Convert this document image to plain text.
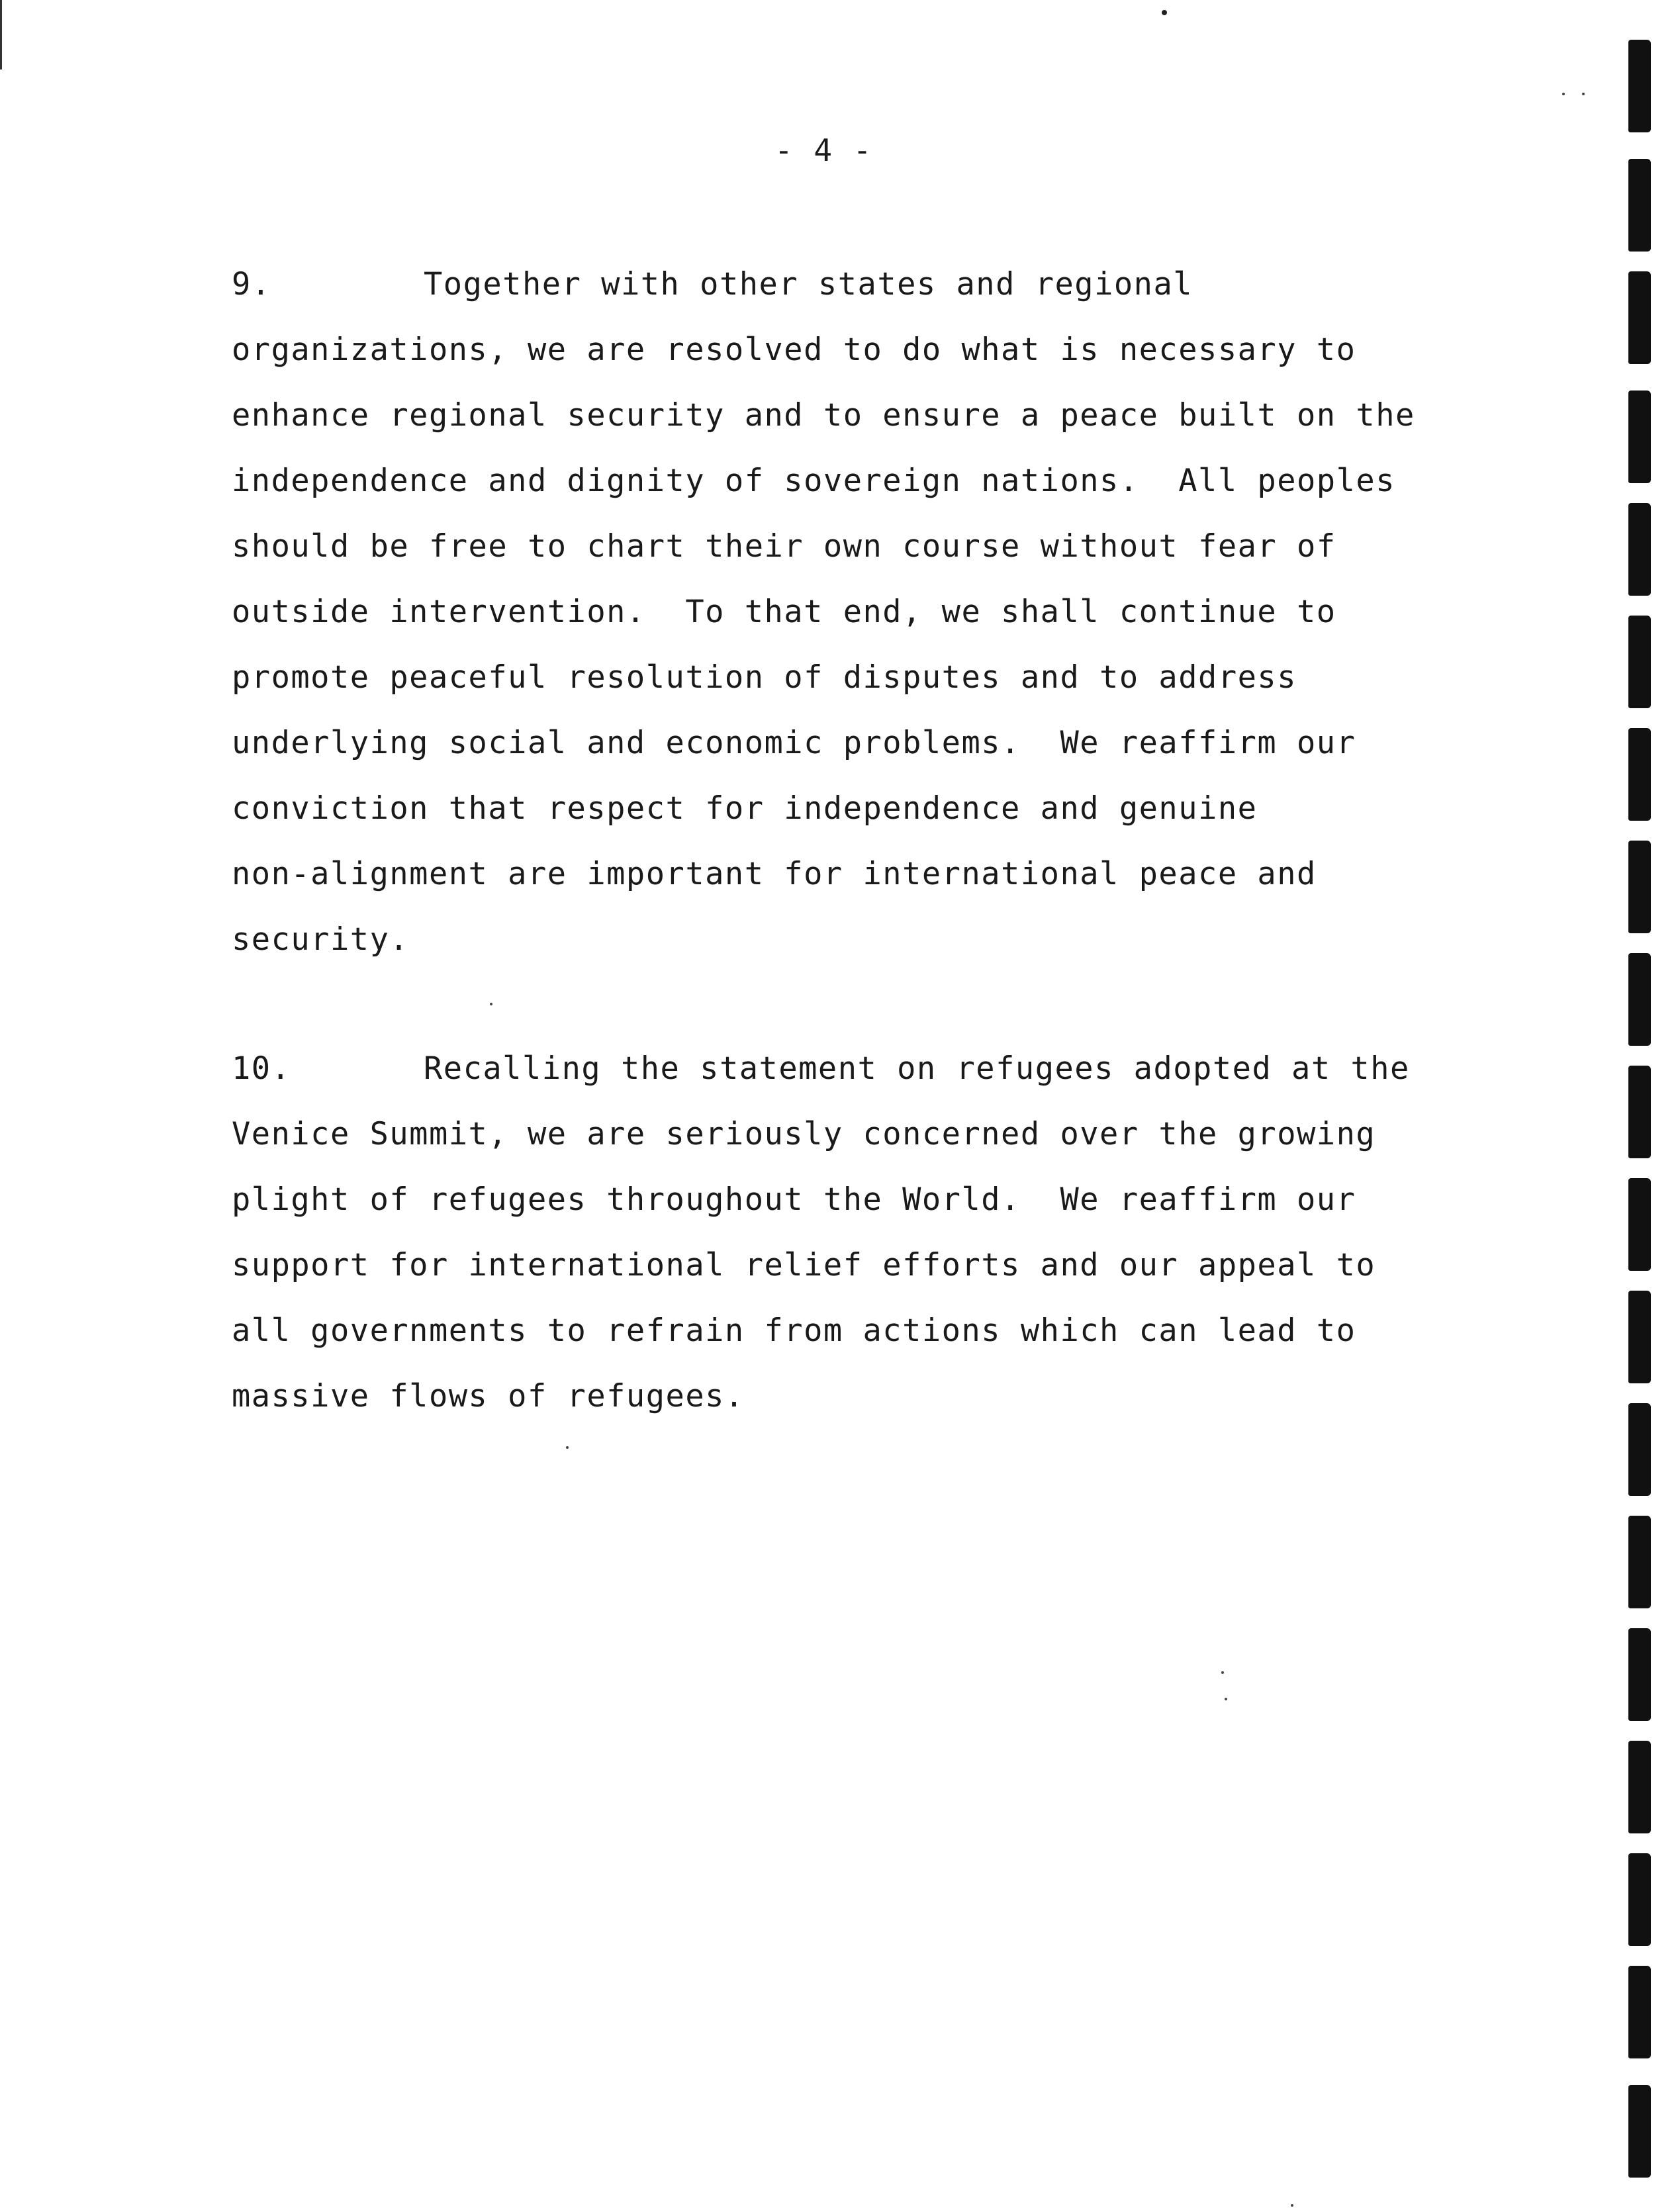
- 4 -
9.	Together with other states and regional
organizations, we are resolved to do what is necessary to
enhance regional security and to ensure a peace built on the
independence and dignity of sovereign nations.  All peoples
should be free to chart their own course without fear of
outside intervention.  To that end, we shall continue to
promote peaceful resolution of disputes and to address
underlying social and economic problems.  We reaffirm our
conviction that respect for independence and genuine
non-alignment are important for international peace and
security.
10.	Recalling the statement on refugees adopted at the
Venice Summit, we are seriously concerned over the growing
plight of refugees throughout the World.  We reaffirm our
support for international relief efforts and our appeal to
all governments to refrain from actions which can lead to
massive flows of refugees.
